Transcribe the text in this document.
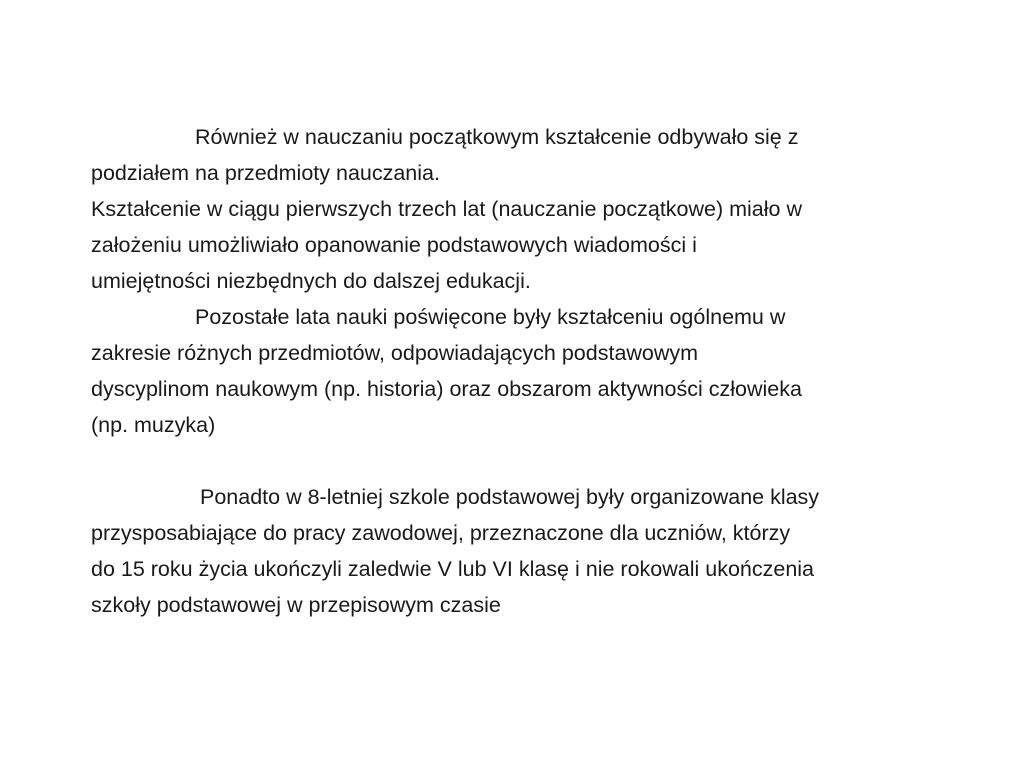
Również w nauczaniu początkowym kształcenie odbywało się z
podziałem na przedmioty nauczania.
Kształcenie w ciągu pierwszych trzech lat (nauczanie początkowe) miało w
założeniu umożliwiało opanowanie podstawowych wiadomości i
umiejętności niezbędnych do dalszej edukacji.
Pozostałe lata nauki poświęcone były kształceniu ogólnemu w
zakresie różnych przedmiotów, odpowiadających podstawowym
dyscyplinom naukowym (np. historia) oraz obszarom aktywności człowieka
(np. muzyka)
Ponadto w 8-letniej szkole podstawowej były organizowane klasy
przysposabiające do pracy zawodowej, przeznaczone dla uczniów, którzy
do 15 roku życia ukończyli zaledwie V lub VI klasę i nie rokowali ukończenia
szkoły podstawowej w przepisowym czasie
